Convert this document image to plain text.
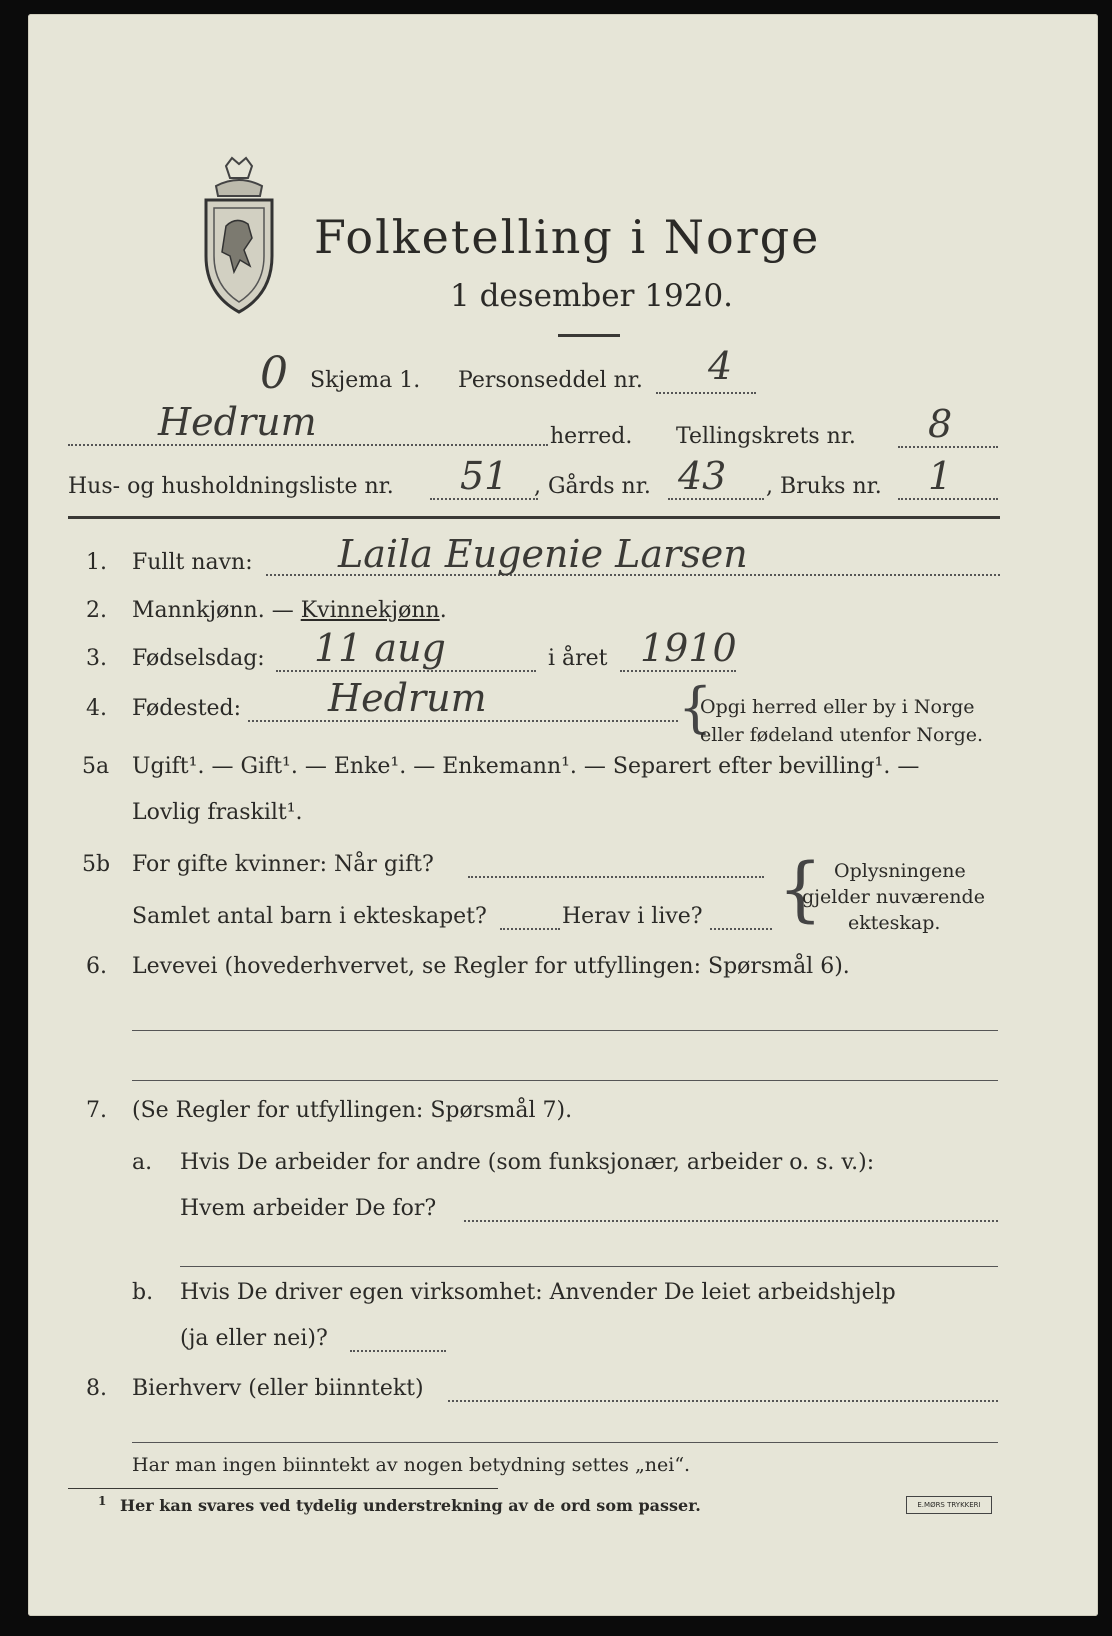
Folketelling i Norge
1 desember 1920.
0 Skjema 1. Personseddel nr. 4
Hedrum	herred. Tellingskrets nr. 8
Hus- og husholdningsliste nr. 51 , Gårds nr. 43 , Bruks nr. 1
1. Fullt navn: Laila Eugenie Larsen
2. Mannkjønn. — Kvinnekjønn.
3. Fødselsdag: 11 aug	i året 1910
4. Fødested: Hedrum	{
Opgi herred eller by i Norge
eller fødeland utenfor Norge.
5a Ugift¹. — Gift¹. — Enke¹. — Enkemann¹. — Separert efter bevilling¹. —
Lovlig fraskilt¹.
5b For gifte kvinner: Når gift?
Samlet antal barn i ekteskapet?	Herav i live? { Oplysningene
gjelder nuværende
ekteskap.
6. Levevei (hovederhvervet, se Regler for utfyllingen: Spørsmål 6).
7. (Se Regler for utfyllingen: Spørsmål 7).
a. Hvis De arbeider for andre (som funksjonær, arbeider o. s. v.):
Hvem arbeider De for?
b. Hvis De driver egen virksomhet: Anvender De leiet arbeidshjelp
(ja eller nei)?
8. Bierhverv (eller biinntekt)
Har man ingen biinntekt av nogen betydning settes „nei“.
1 Her kan svares ved tydelig understrekning av de ord som passer.	E.MØRS TRYKKERI
